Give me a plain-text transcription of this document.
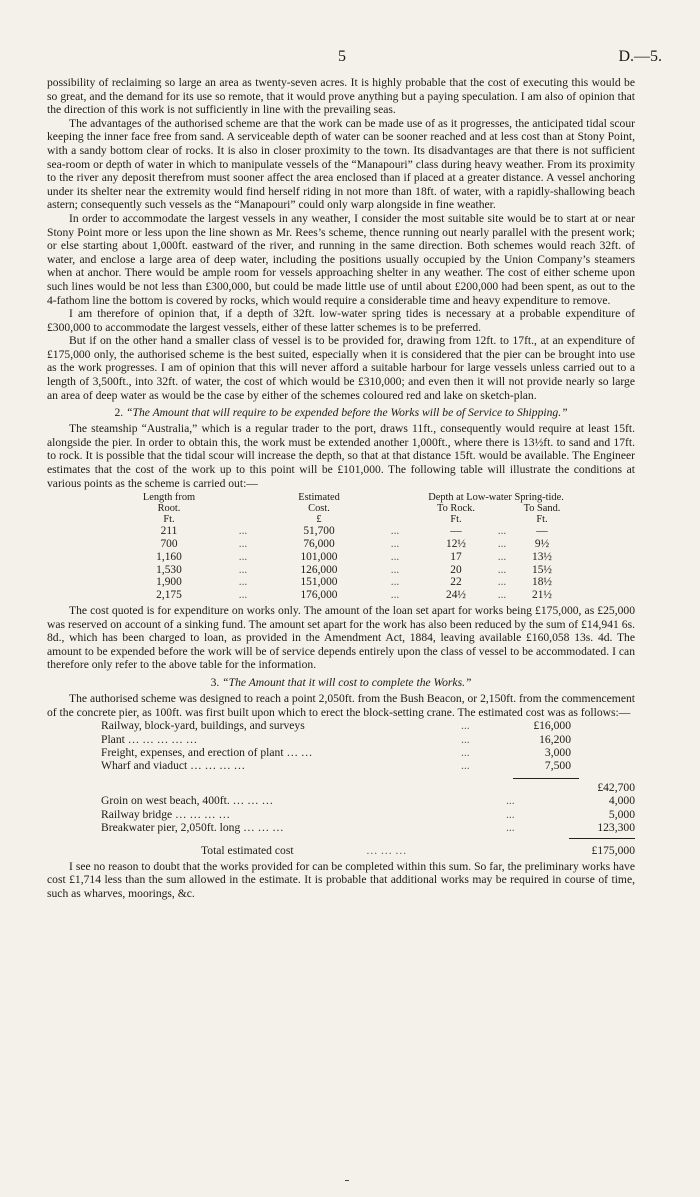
5	D.—5.

possibility of reclaiming so large an area as twenty-seven acres. It is highly probable that the cost of executing this would be so great, and the demand for its use so remote, that it would prove anything but a paying speculation. I am also of opinion that the direction of this work is not sufficiently in line with the prevailing seas.

The advantages of the authorised scheme are that the work can be made use of as it progresses, the anticipated tidal scour keeping the inner face free from sand. A serviceable depth of water can be sooner reached and at less cost than at Stony Point, with a sandy bottom clear of rocks. It is also in closer proximity to the town. Its disadvantages are that there is not sufficient sea-room or depth of water in which to manipulate vessels of the “Manapouri” class during heavy weather. From its proximity to the river any deposit therefrom must sooner affect the area enclosed than if placed at a greater distance. A vessel anchoring under its shelter near the extremity would find herself riding in not more than 18ft. of water, with a rapidly-shallowing beach astern; consequently such vessels as the “Manapouri” could only warp alongside in fine weather.

In order to accommodate the largest vessels in any weather, I consider the most suitable site would be to start at or near Stony Point more or less upon the line shown as Mr. Rees’s scheme, thence running out nearly parallel with the present work; or else starting about 1,000ft. eastward of the river, and running in the same direction. Both schemes would reach 32ft. of water, and enclose a large area of deep water, including the positions usually occupied by the Union Company’s steamers when at anchor. There would be ample room for vessels approaching shelter in any weather. The cost of either scheme upon such lines would be not less than £300,000, but could be made little use of until about £200,000 had been spent, as out to the 4-fathom line the bottom is covered by rocks, which would require a considerable time and heavy expenditure to remove.

I am therefore of opinion that, if a depth of 32ft. low-water spring tides is necessary at a probable expenditure of £300,000 to accommodate the largest vessels, either of these latter schemes is to be preferred.

But if on the other hand a smaller class of vessel is to be provided for, drawing from 12ft. to 17ft., at an expenditure of £175,000 only, the authorised scheme is the best suited, especially when it is considered that the pier can be brought into use as the work progresses. I am of opinion that this will never afford a suitable harbour for large vessels unless carried out to a length of 3,500ft., into 32ft. of water, the cost of which would be £310,000; and even then it will not provide nearly so large an area of deep water as would be the case by either of the schemes coloured red and lake on sketch-plan.

2. “The Amount that will require to be expended before the Works will be of Service to Shipping.”

The steamship “Australia,” which is a regular trader to the port, draws 11ft., consequently would require at least 15ft. alongside the pier. In order to obtain this, the work must be extended another 1,000ft., where there is 13½ft. to sand and 17ft. to rock. It is possible that the tidal scour will increase the depth, so that at that distance 15ft. would be available. The Engineer estimates that the cost of the work up to this point will be £101,000. The following table will illustrate the conditions at various points as the scheme is carried out:—

Length from		Estimated		Depth at Low-water Spring-tide.		
Root.		Cost.		To Rock.		To Sand.
Ft.		£		Ft.		Ft.
211	...	51,700	...	—	...	—
700	...	76,000	...	12½	...	9½
1,160	...	101,000	...	17	...	13½
1,530	...	126,000	...	20	...	15½
1,900	...	151,000	...	22	...	18½
2,175	...	176,000	...	24½	...	21½

The cost quoted is for expenditure on works only. The amount of the loan set apart for works being £175,000, as £25,000 was reserved on account of a sinking fund. The amount set apart for the work has also been reduced by the sum of £14,941 6s. 8d., which has been charged to loan, as provided in the Amendment Act, 1884, leaving available £160,058 13s. 4d. The amount to be expended before the work will be of service depends entirely upon the class of vessel to be accommodated. I can therefore only refer to the above table for the information.

3. “The Amount that it will cost to complete the Works.”

The authorised scheme was designed to reach a point 2,050ft. from the Bush Beacon, or 2,150ft. from the commencement of the concrete pier, as 100ft. was first built upon which to erect the block-setting crane. The estimated cost was as follows:—

Railway, block-yard, buildings, and surveys	...	£16,000
Plant … … … … …	...	16,200
Freight, expenses, and erection of plant … …	...	3,000
Wharf and viaduct … … … …	...	7,500
£42,700
Groin on west beach, 400ft. … … …	...	4,000
Railway bridge … … … …	...	5,000
Breakwater pier, 2,050ft. long … … …	...	123,300
Total estimated cost	… … …	£175,000

I see no reason to doubt that the works provided for can be completed within this sum. So far, the preliminary works have cost £1,714 less than the sum allowed in the estimate. It is probable that additional works may be required in course of time, such as wharves, moorings, &c.
